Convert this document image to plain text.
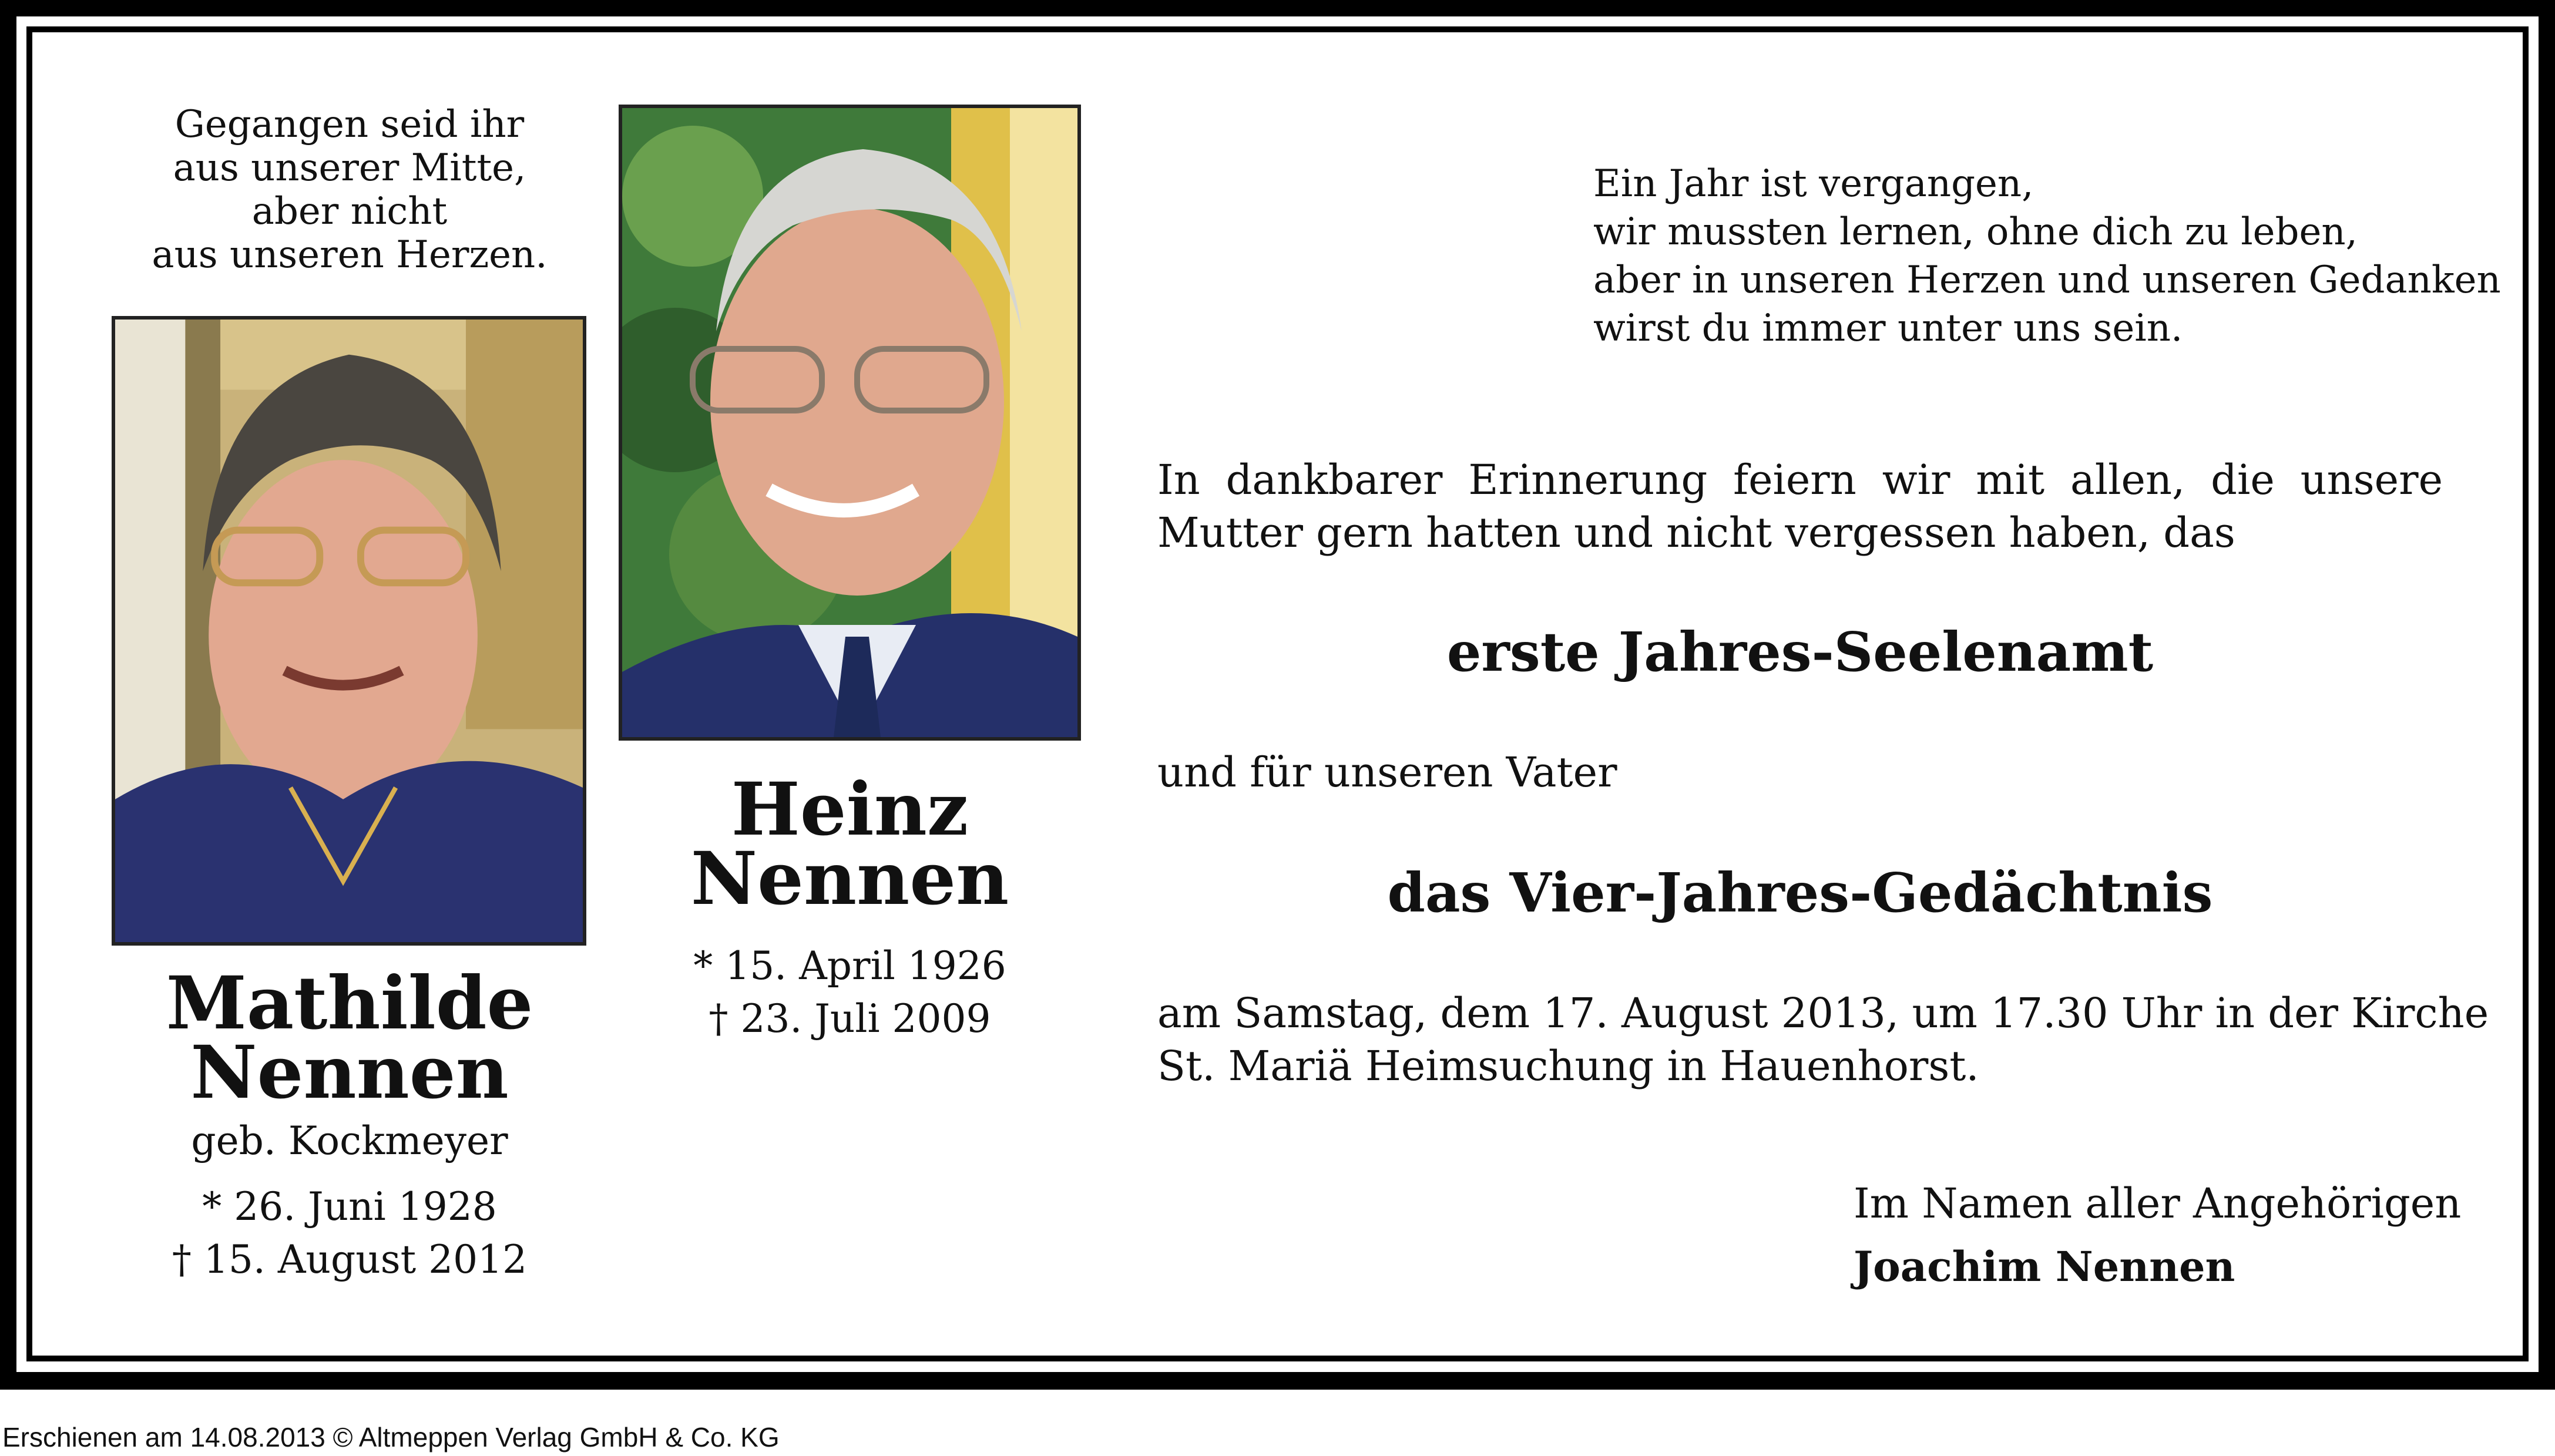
Gegangen seid ihr
aus unserer Mitte,
aber nicht
aus unseren Herzen.
Mathilde
Nennen
geb. Kockmeyer
* 26. Juni 1928
† 15. August 2012
Heinz
Nennen
* 15. April 1926
† 23. Juli 2009
Ein Jahr ist vergangen,
wir mussten lernen, ohne dich zu leben,
aber in unseren Herzen und unseren Gedanken
wirst du immer unter uns sein.
In dankbarer Erinnerung feiern wir mit allen, die unsere
Mutter gern hatten und nicht vergessen haben, das
erste Jahres-Seelenamt
und für unseren Vater
das Vier-Jahres-Gedächtnis
am Samstag, dem 17. August 2013, um 17.30 Uhr in der Kirche
St. Mariä Heimsuchung in Hauenhorst.
Im Namen aller Angehörigen
Joachim Nennen
Erschienen am 14.08.2013 © Altmeppen Verlag GmbH & Co. KG
